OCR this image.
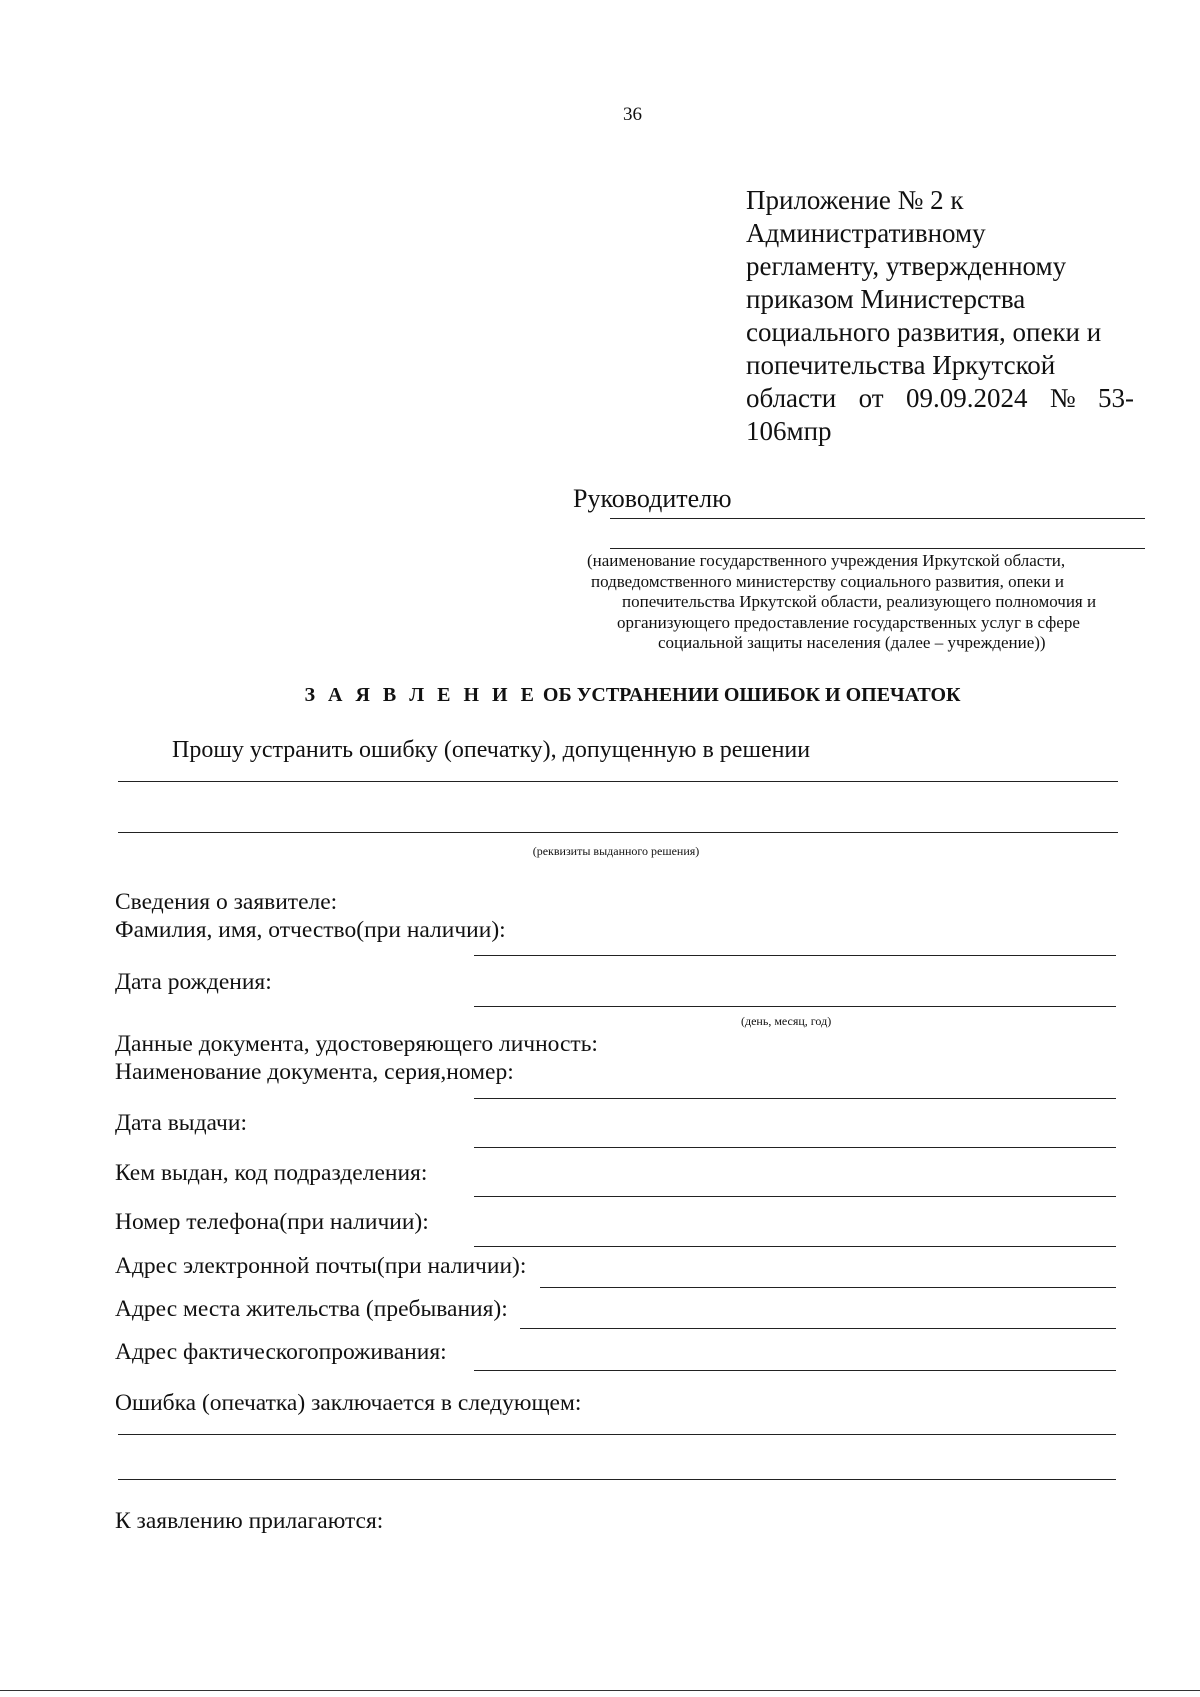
36
Приложение № 2 к
Административному
регламенту, утвержденному
приказом Министерства
социального развития, опеки и
попечительства Иркутской
области от 09.09.2024 № 53-
106мпр
Руководителю
(наименование государственного учреждения Иркутской области,
подведомственного министерству социального развития, опеки и
попечительства Иркутской области, реализующего полномочия и
организующего предоставление государственных услуг в сфере
социальной защиты населения (далее – учреждение))
З А Я В Л Е Н И Е ОБ УСТРАНЕНИИ ОШИБОК И ОПЕЧАТОК
Прошу устранить ошибку (опечатку), допущенную в решении
(реквизиты выданного решения)
Сведения о заявителе:
Фамилия, имя, отчество(при наличии):
Дата рождения:
(день, месяц, год)
Данные документа, удостоверяющего личность:
Наименование документа, серия,номер:
Дата выдачи:
Кем выдан, код подразделения:
Номер телефона(при наличии):
Адрес электронной почты(при наличии):
Адрес места жительства (пребывания):
Адрес фактическогопроживания:
Ошибка (опечатка) заключается в следующем:
К заявлению прилагаются:
